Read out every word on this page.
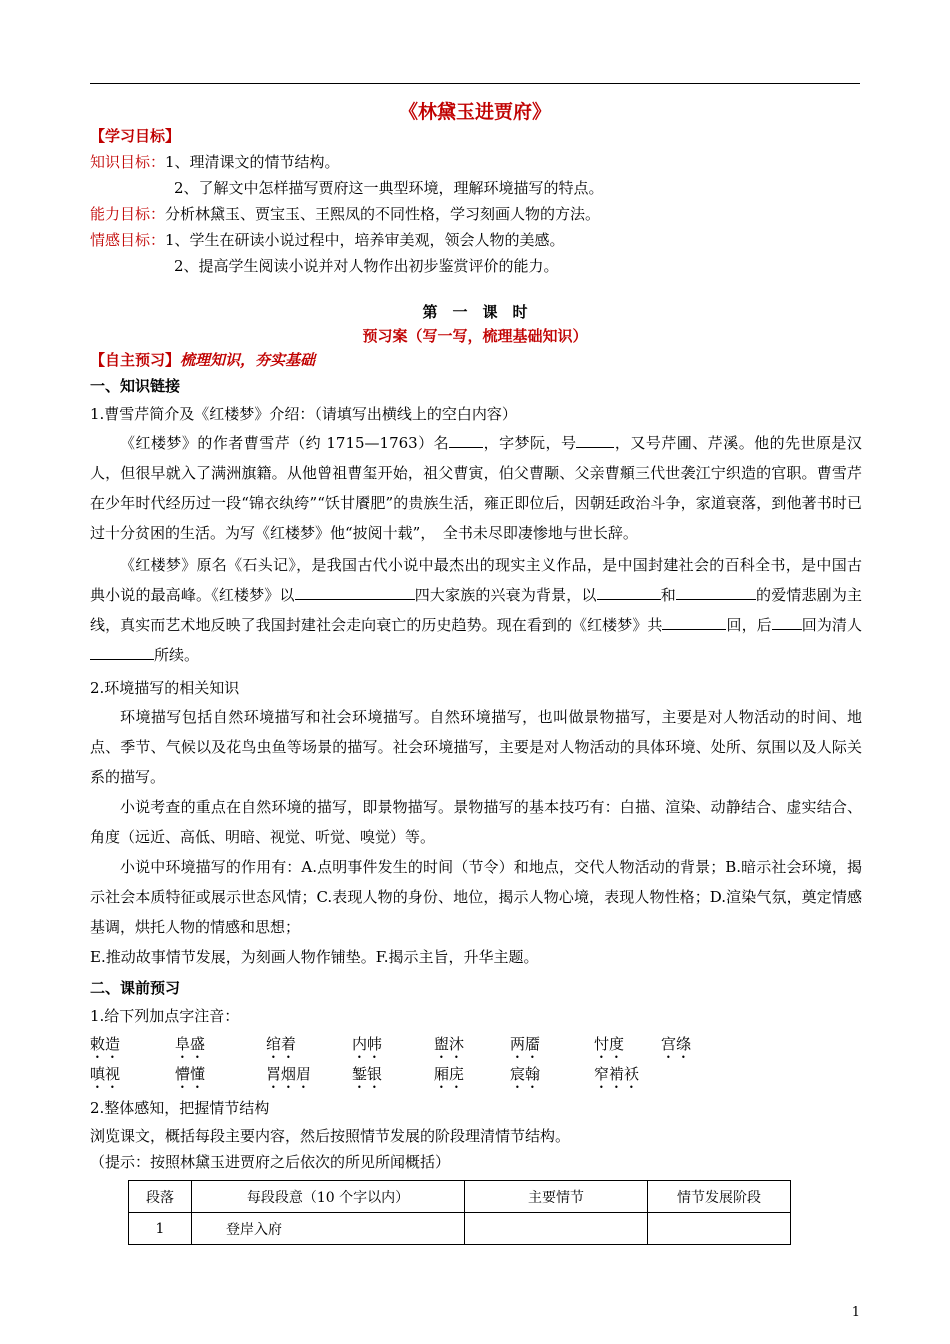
《林黛玉进贾府》
【学习目标】
知识目标：1、理清课文的情节结构。
2、了解文中怎样描写贾府这一典型环境，理解环境描写的特点。
能力目标：分析林黛玉、贾宝玉、王熙凤的不同性格，学习刻画人物的方法。
情感目标：1、学生在研读小说过程中，培养审美观，领会人物的美感。
2、提高学生阅读小说并对人物作出初步鉴赏评价的能力。
第　一　课　时
预习案（写一写，梳理基础知识）
【自主预习】梳理知识，夯实基础
一、知识链接
1.曹雪芹简介及《红楼梦》介绍：（请填写出横线上的空白内容）
《红楼梦》的作者曹雪芹（约 1715—1763）名 ，字梦阮，号	，又号芹圃、芹溪。他的先世原是汉人，但很早就入了满洲旗籍。从他曾祖曹玺开始，祖父曹寅，伯父曹颙、父亲曹頫三代世袭江宁织造的官职。曹雪芹在少年时代经历过一段“锦衣纨绔”“饫甘餍肥”的贵族生活，雍正即位后，因朝廷政治斗争，家道衰落，到他著书时已过十分贫困的生活。为写《红楼梦》他“披阅十载”，　全书未尽即凄惨地与世长辞。
《红楼梦》原名《石头记》，是我国古代小说中最杰出的现实主义作品，是中国封建社会的百科全书，是中国古典小说的最高峰。《红楼梦》以	四大家族的兴衰为背景，以	和	的爱情悲剧为主线，真实而艺术地反映了我国封建社会走向衰亡的历史趋势。现在看到的《红楼梦》共	回，后 回为清人所续。
2.环境描写的相关知识
环境描写包括自然环境描写和社会环境描写。自然环境描写，也叫做景物描写，主要是对人物活动的时间、地点、季节、气候以及花鸟虫鱼等场景的描写。社会环境描写，主要是对人物活动的具体环境、处所、氛围以及人际关系的描写。
小说考查的重点在自然环境的描写，即景物描写。景物描写的基本技巧有：白描、渲染、动静结合、虚实结合、角度（远近、高低、明暗、视觉、听觉、嗅觉）等。
小说中环境描写的作用有：A.点明事件发生的时间（节令）和地点，交代人物活动的背景；B.暗示社会环境，揭示社会本质特征或展示世态风情；C.表现人物的身份、地位，揭示人物心境，表现人物性格；D.渲染气氛，奠定情感基调，烘托人物的情感和思想；
E.推动故事情节发展，为刻画人物作铺垫。F.揭示主旨，升华主题。
二、课前预习
1.给下列加点字注音：
敕造	阜盛	绾着	内帏	盥沐	两靥	忖度 宫绦
嗔视	懵懂	罥烟眉	錾银	厢庑	宸翰	窄褃袄
2.整体感知，把握情节结构
浏览课文，概括每段主要内容，然后按照情节发展的阶段理清情节结构。
（提示：按照林黛玉进贾府之后依次的所见所闻概括）
段落	每段段意（10 个字以内）	主要情节	情节发展阶段
1	登岸入府		
1
